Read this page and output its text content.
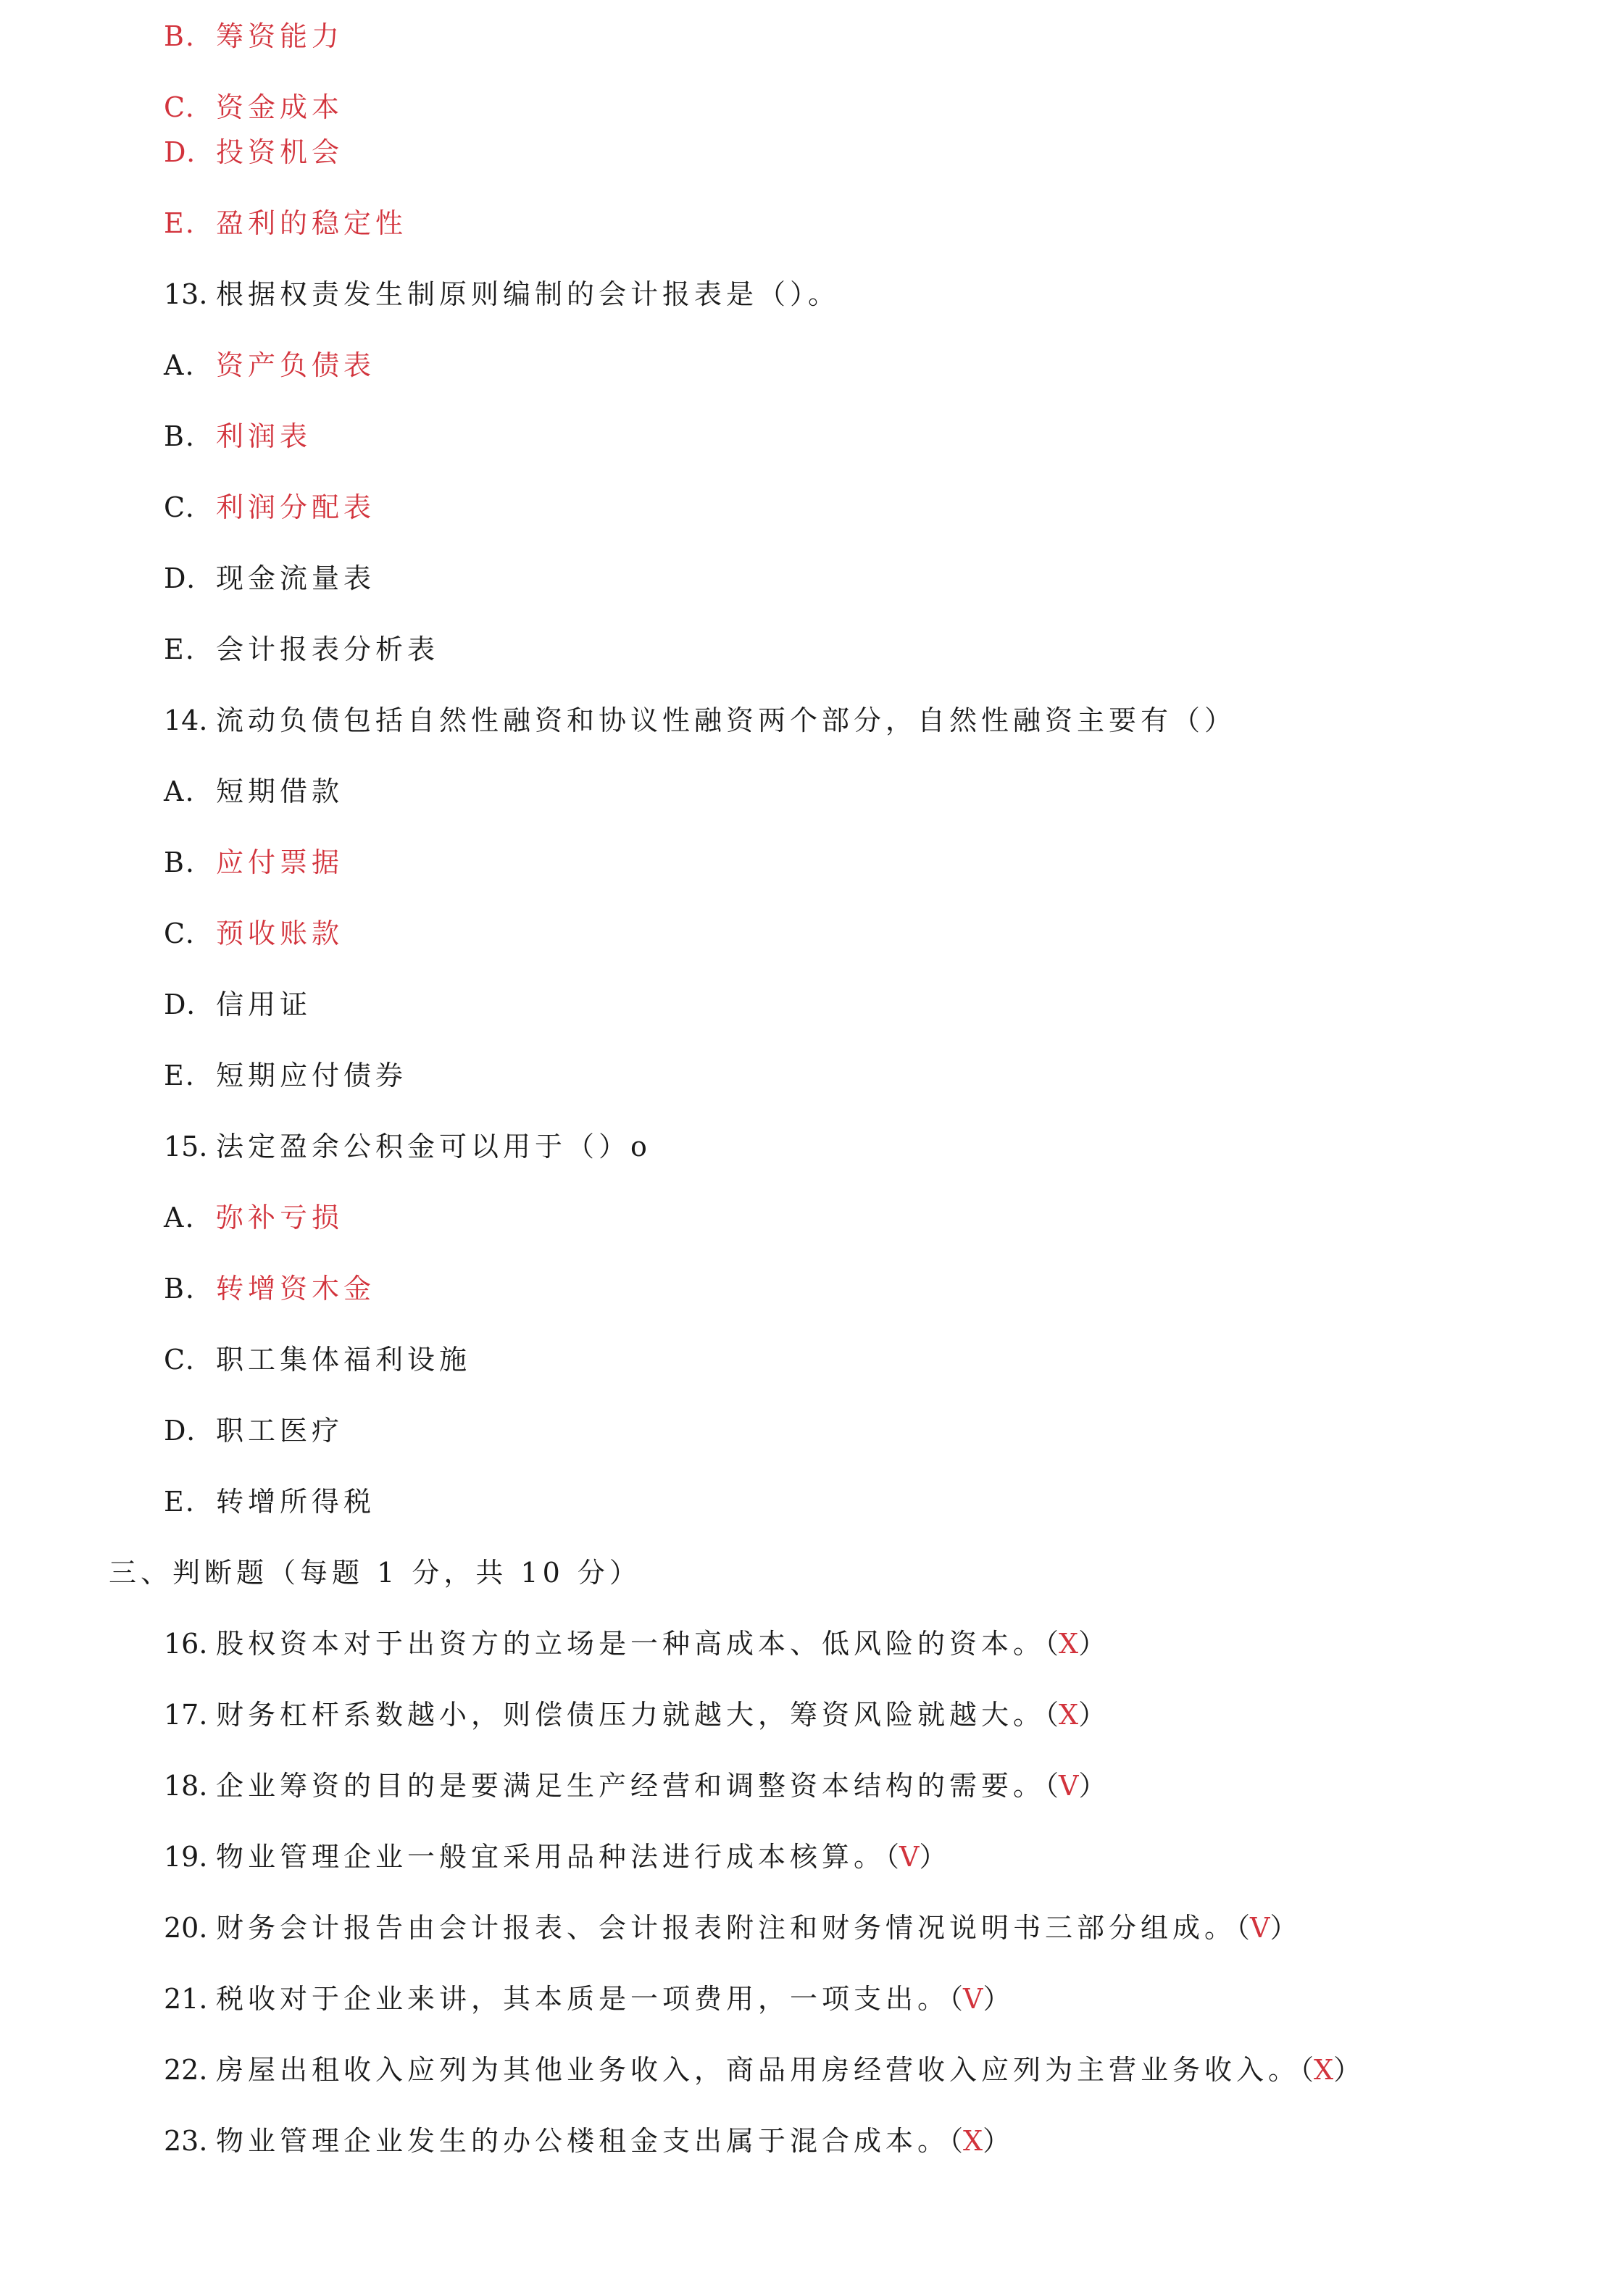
B. 筹资能力
C. 资金成本
D. 投资机会
E. 盈利的稳定性
13. 根据权责发生制原则编制的会计报表是（）。
A. 资产负债表
B. 利润表
C. 利润分配表
D. 现金流量表
E. 会计报表分析表
14. 流动负债包括自然性融资和协议性融资两个部分，自然性融资主要有（）
A. 短期借款
B. 应付票据
C. 预收账款
D. 信用证
E. 短期应付债券
15. 法定盈余公积金可以用于（）o
A. 弥补亏损
B. 转增资木金
C. 职工集体福利设施
D. 职工医疗
E. 转增所得税
三、判断题（每题 1 分，共 10 分）
16. 股权资本对于出资方的立场是一种高成本、低风险的资本。（X）
17. 财务杠杆系数越小，则偿债压力就越大，筹资风险就越大。（X）
18. 企业筹资的目的是要满足生产经营和调整资本结构的需要。（V）
19. 物业管理企业一般宜采用品种法进行成本核算。（V）
20. 财务会计报告由会计报表、会计报表附注和财务情况说明书三部分组成。（V）
21. 税收对于企业来讲，其本质是一项费用，一项支出。（V）
22. 房屋出租收入应列为其他业务收入，商品用房经营收入应列为主营业务收入。（X）
23. 物业管理企业发生的办公楼租金支出属于混合成本。（X）
